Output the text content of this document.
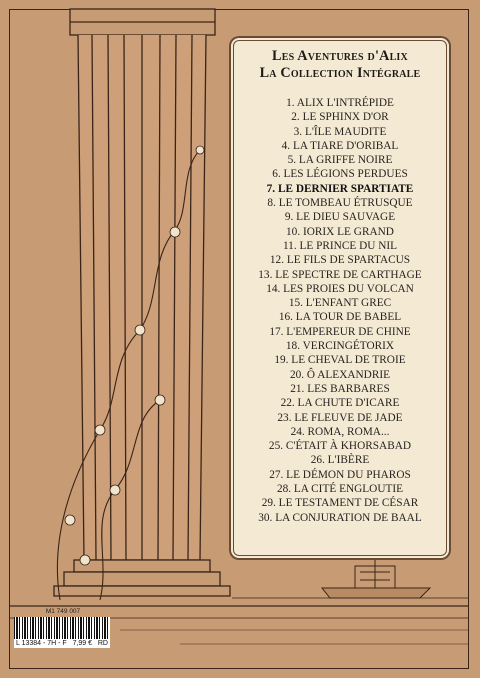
Les Aventures d'Alix
La Collection Intégrale
1. ALIX L'INTRÉPIDE
2. LE SPHINX D'OR
3. L'ÎLE MAUDITE
4. LA TIARE D'ORIBAL
5. LA GRIFFE NOIRE
6. LES LÉGIONS PERDUES
7. LE DERNIER SPARTIATE
8. LE TOMBEAU ÉTRUSQUE
9. LE DIEU SAUVAGE
10. IORIX LE GRAND
11. LE PRINCE DU NIL
12. LE FILS DE SPARTACUS
13. LE SPECTRE DE CARTHAGE
14. LES PROIES DU VOLCAN
15. L'ENFANT GREC
16. LA TOUR DE BABEL
17. L'EMPEREUR DE CHINE
18. VERCINGÉTORIX
19. LE CHEVAL DE TROIE
20. Ô ALEXANDRIE
21. LES BARBARES
22. LA CHUTE D'ICARE
23. LE FLEUVE DE JADE
24. ROMA, ROMA...
25. C'ÉTAIT À KHORSABAD
26. L'IBÈRE
27. LE DÉMON DU PHAROS
28. LA CITÉ ENGLOUTIE
29. LE TESTAMENT DE CÉSAR
30. LA CONJURATION DE BAAL
M1 749 007
L 13384 - 7H - F 7,99 € RD
